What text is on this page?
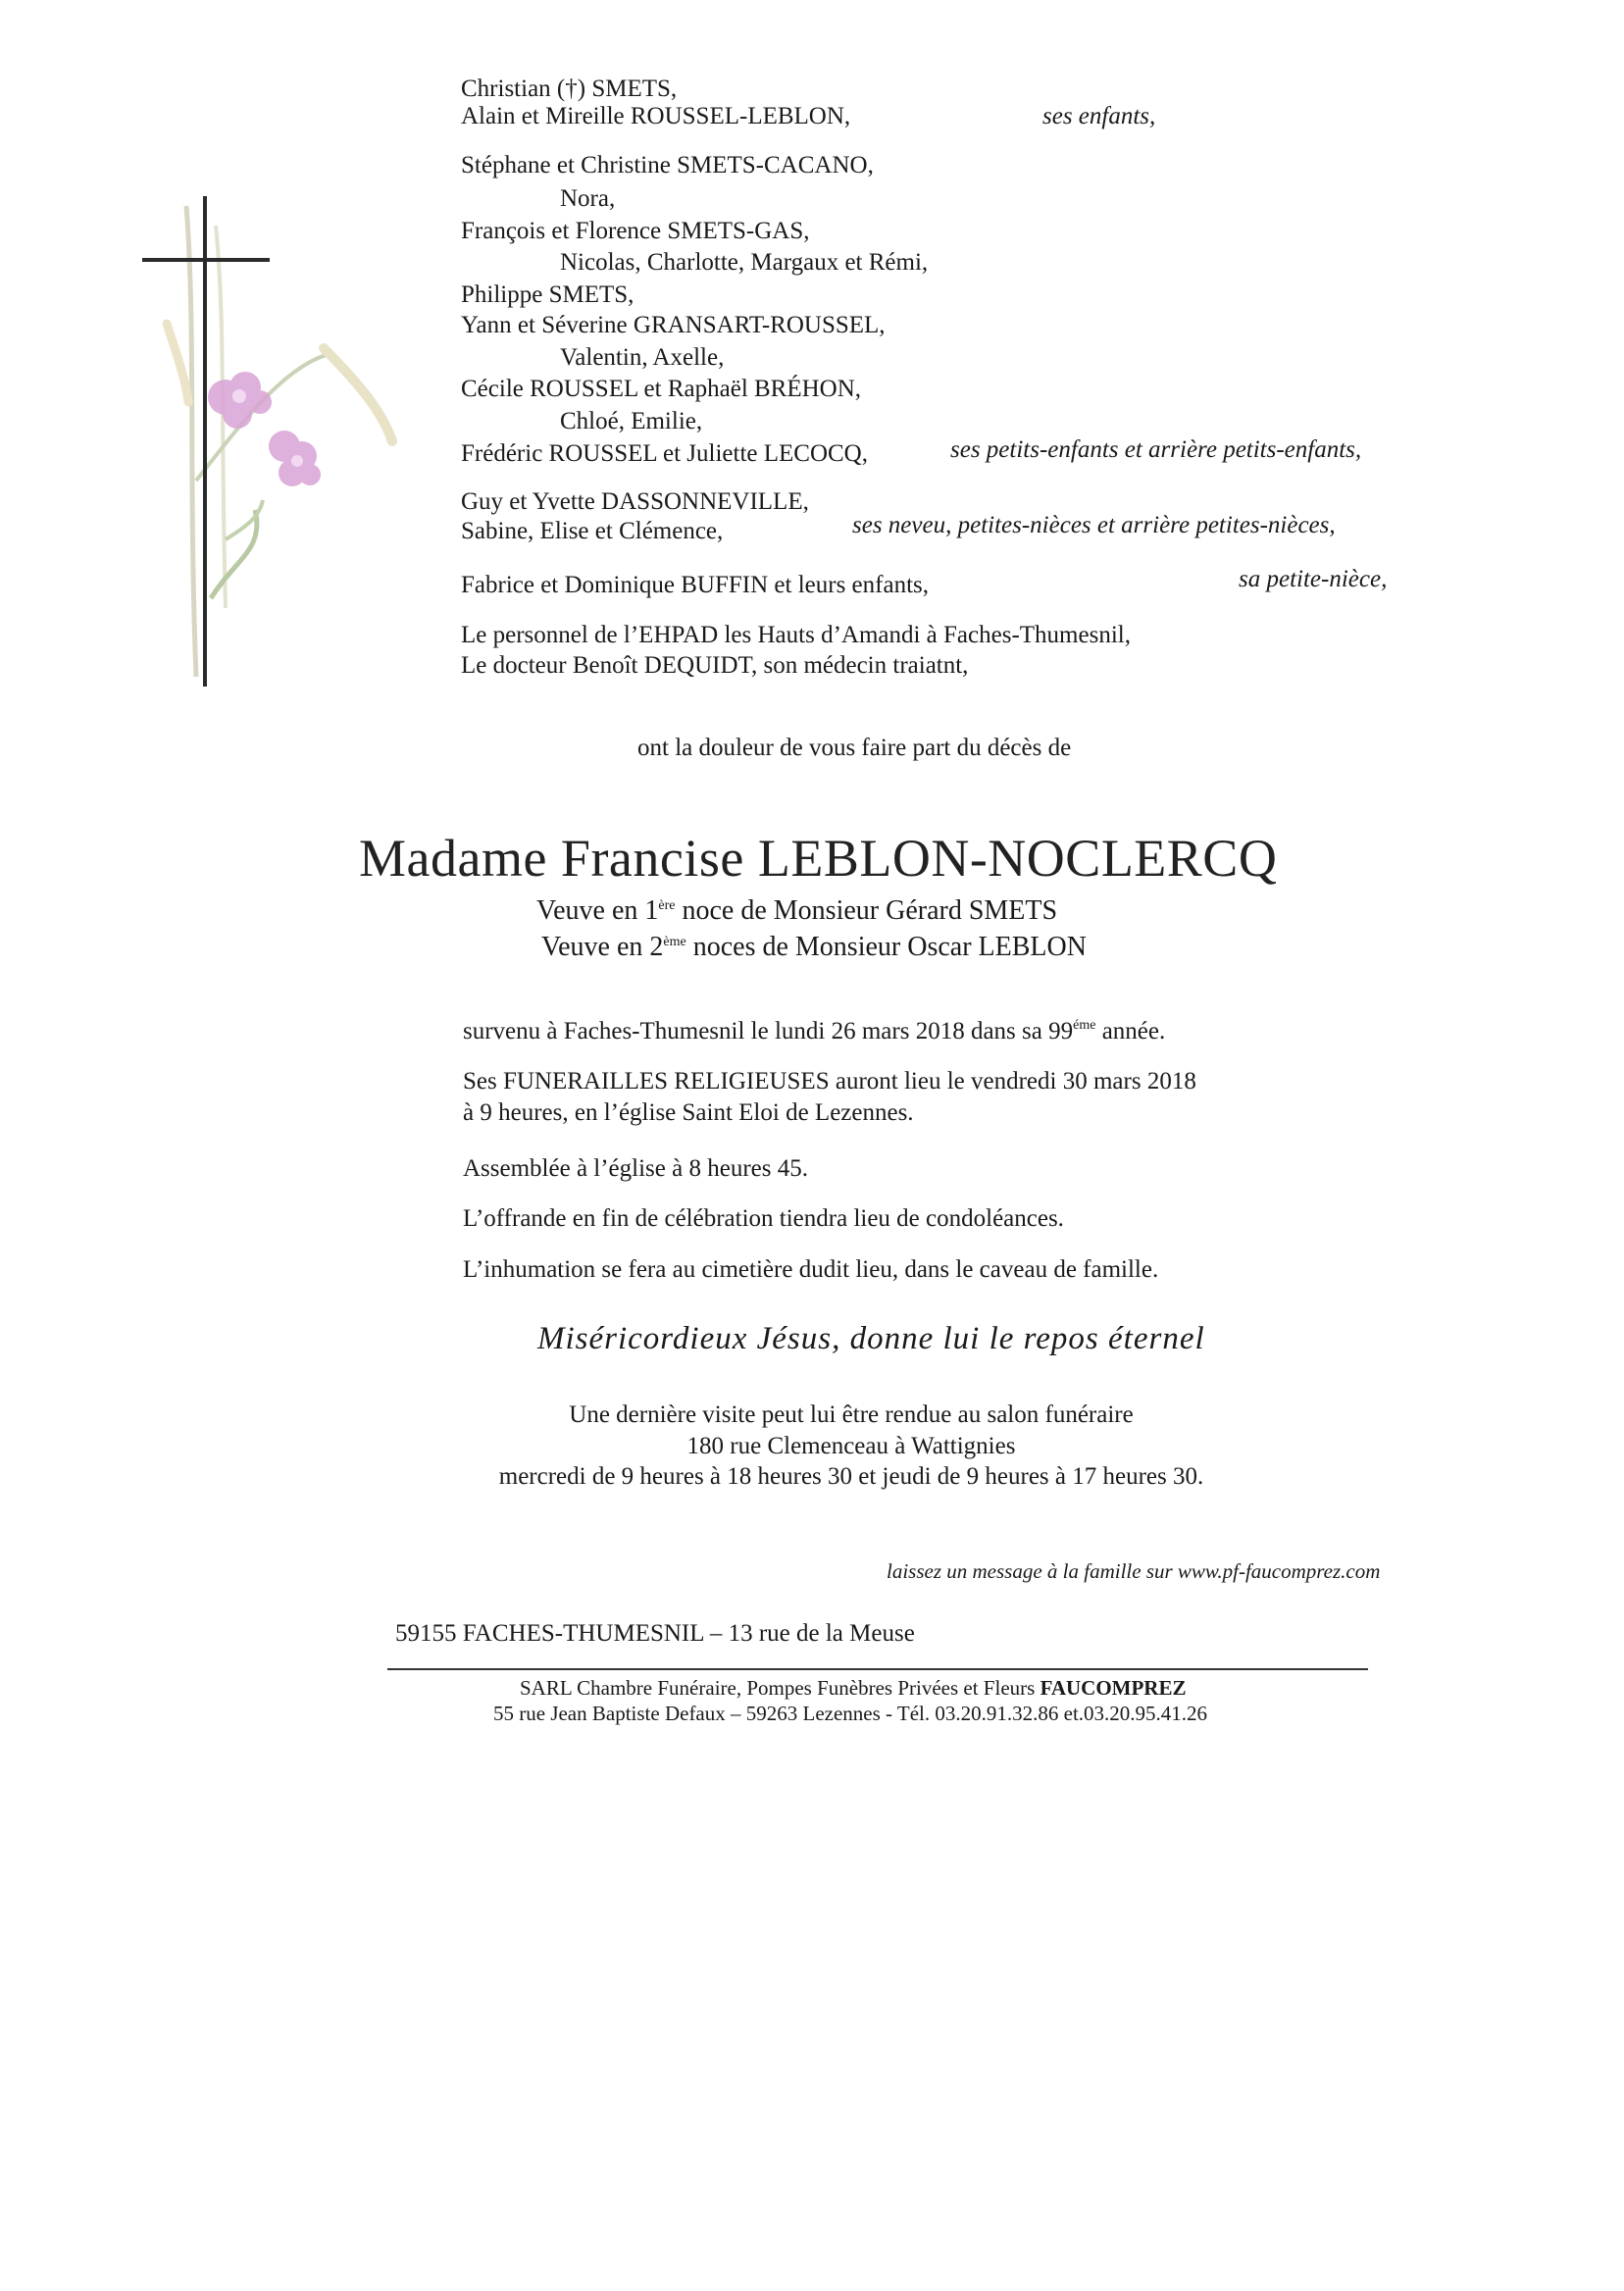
Christian (†) SMETS,
Alain et Mireille ROUSSEL-LEBLON,	ses enfants,
Stéphane et Christine SMETS-CACANO,
Nora,
François et Florence SMETS-GAS,
Nicolas, Charlotte, Margaux et Rémi,
Philippe SMETS,
Yann et Séverine GRANSART-ROUSSEL,
Valentin, Axelle,
Cécile ROUSSEL et Raphaël BRÉHON,
Chloé, Emilie,
Frédéric ROUSSEL et Juliette LECOCQ,	ses petits-enfants et arrière petits-enfants,
Guy et Yvette DASSONNEVILLE,
Sabine, Elise et Clémence,	ses neveu, petites-nièces et arrière petites-nièces,
Fabrice et Dominique BUFFIN et leurs enfants,	sa petite-nièce,
Le personnel de l’EHPAD les Hauts d’Amandi à Faches-Thumesnil,
Le docteur Benoît DEQUIDT, son médecin traiatnt,
ont la douleur de vous faire part du décès de
Madame Francise LEBLON-NOCLERCQ
Veuve en 1ère noce de Monsieur Gérard SMETS
Veuve en 2ème noces de Monsieur Oscar LEBLON
survenu à Faches-Thumesnil le lundi 26 mars 2018 dans sa $99^{éme}$ année.
Ses FUNERAILLES RELIGIEUSES auront lieu le vendredi 30 mars 2018
à 9 heures, en l’église Saint Eloi de Lezennes.
Assemblée à l’église à 8 heures 45.
L’offrande en fin de célébration tiendra lieu de condoléances.
L’inhumation se fera au cimetière dudit lieu, dans le caveau de famille.
Miséricordieux Jésus, donne lui le repos éternel
Une dernière visite peut lui être rendue au salon funéraire
180 rue Clemenceau à Wattignies
mercredi de 9 heures à 18 heures 30 et jeudi de 9 heures à 17 heures 30.
laissez un message à la famille sur www.pf-faucomprez.com
59155 FACHES-THUMESNIL – 13 rue de la Meuse
SARL Chambre Funéraire, Pompes Funèbres Privées et Fleurs FAUCOMPREZ
55 rue Jean Baptiste Defaux – 59263 Lezennes - Tél. 03.20.91.32.86 et.03.20.95.41.26
